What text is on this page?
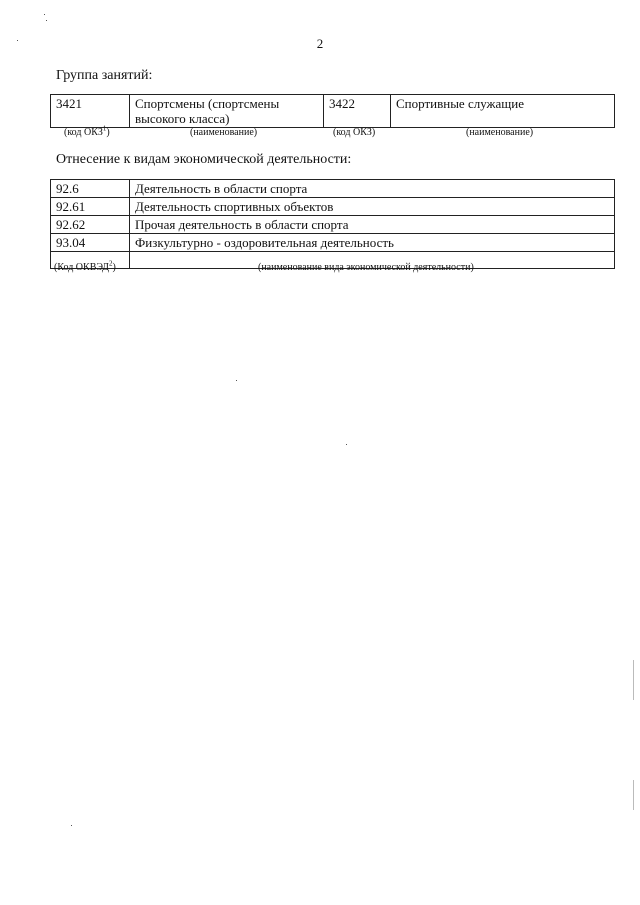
2
Группа занятий:
3421	Спортсмены (спортсмены высокого класса)	3422	Спортивные служащие
(код ОКЗ$^1$)	(наименование)	(код ОКЗ)	(наименование)
Отнесение к видам экономической деятельности:
92.6	Деятельность в области спорта
92.61	Деятельность спортивных объектов
92.62	Прочая деятельность в области спорта
93.04	Физкультурно - оздоровительная деятельность

(Код ОКВЭД$^2$)	(наименование вида экономической деятельности)
